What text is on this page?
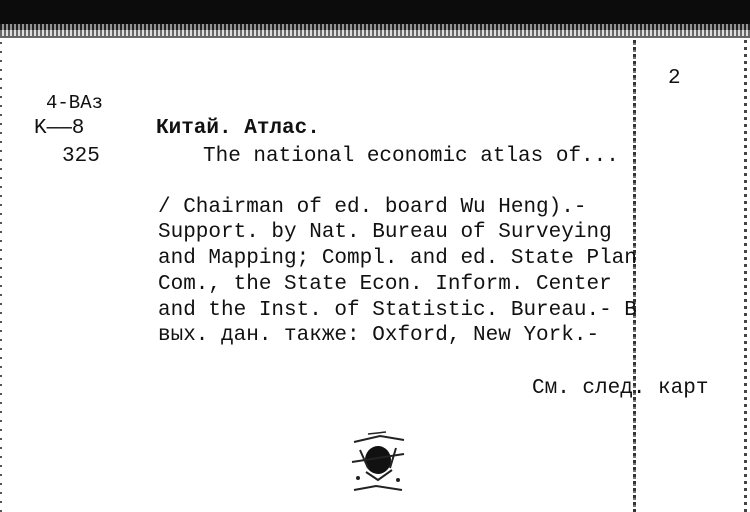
2
4-BAз
K——8
325
Китай. Атлас.
The national economic atlas of...
/ Chairman of ed. board Wu Heng).-
Support. by Nat. Bureau of Surveying
and Mapping; Compl. and ed. State Plan
Com., the State Econ. Inform. Center
and the Inst. of Statistic. Bureau.- B
вых. дан. также: Oxford, New York.-
См. след. карт
